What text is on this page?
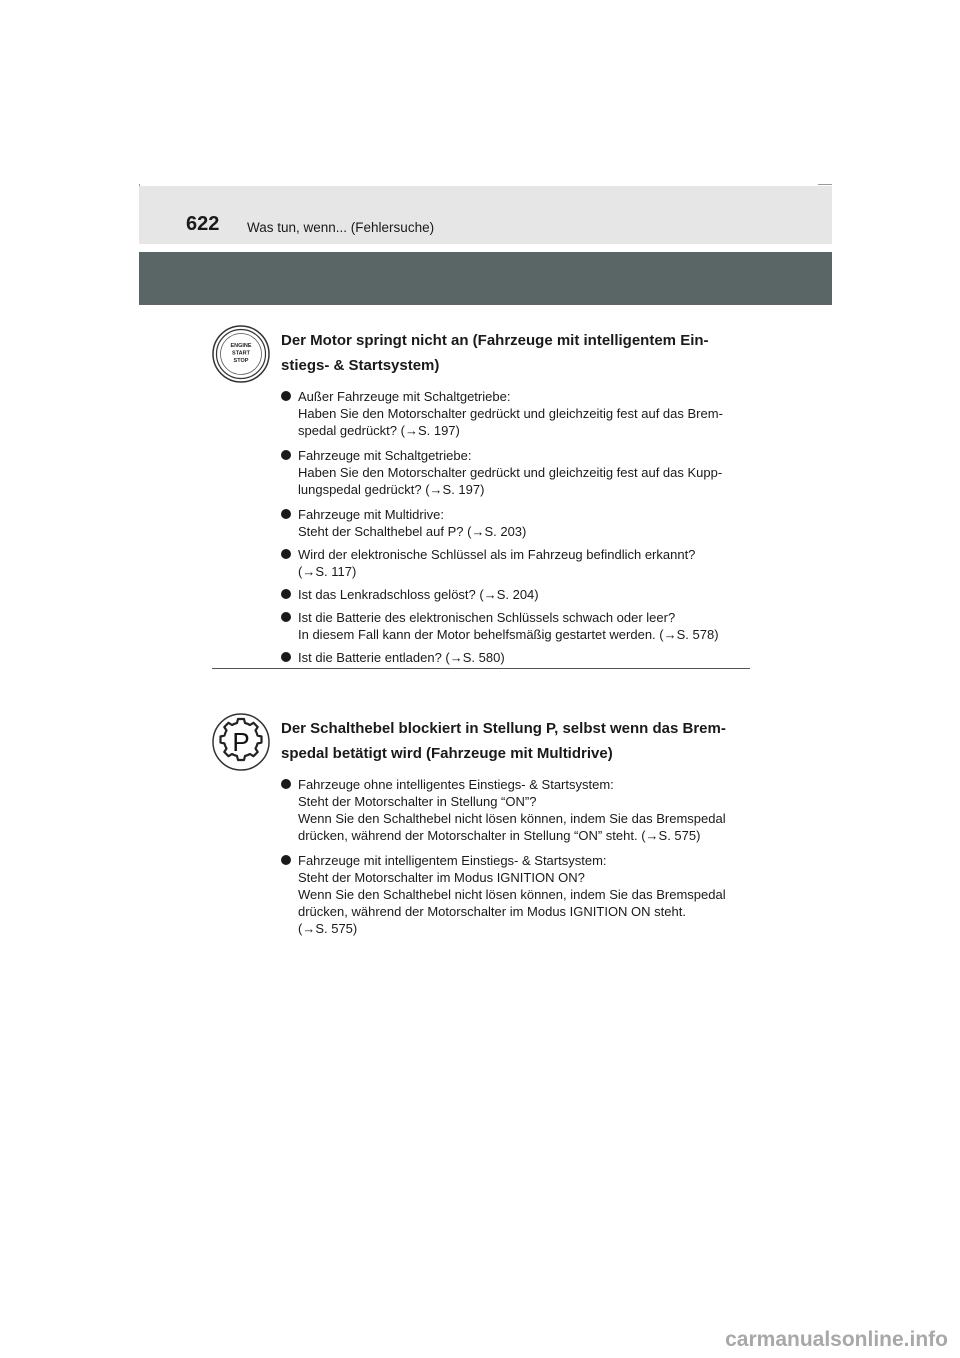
622 Was tun, wenn... (Fehlersuche)
ENGINE
START
STOP
Der Motor springt nicht an (Fahrzeuge mit intelligentem Ein-
stiegs- & Startsystem)
Außer Fahrzeuge mit Schaltgetriebe:
Haben Sie den Motorschalter gedrückt und gleichzeitig fest auf das Brem-
spedal gedrückt? (→S. 197)
Fahrzeuge mit Schaltgetriebe:
Haben Sie den Motorschalter gedrückt und gleichzeitig fest auf das Kupp-
lungspedal gedrückt? (→S. 197)
Fahrzeuge mit Multidrive:
Steht der Schalthebel auf P? (→S. 203)
Wird der elektronische Schlüssel als im Fahrzeug befindlich erkannt?
(→S. 117)
Ist das Lenkradschloss gelöst? (→S. 204)
Ist die Batterie des elektronischen Schlüssels schwach oder leer?
In diesem Fall kann der Motor behelfsmäßig gestartet werden. (→S. 578)
Ist die Batterie entladen? (→S. 580)
P Der Schalthebel blockiert in Stellung P, selbst wenn das Brem-
spedal betätigt wird (Fahrzeuge mit Multidrive)
Fahrzeuge ohne intelligentes Einstiegs- & Startsystem:
Steht der Motorschalter in Stellung “ON”?
Wenn Sie den Schalthebel nicht lösen können, indem Sie das Bremspedal
drücken, während der Motorschalter in Stellung “ON” steht. (→S. 575)
Fahrzeuge mit intelligentem Einstiegs- & Startsystem:
Steht der Motorschalter im Modus IGNITION ON?
Wenn Sie den Schalthebel nicht lösen können, indem Sie das Bremspedal
drücken, während der Motorschalter im Modus IGNITION ON steht.
(→S. 575)
carmanualsonline.info
